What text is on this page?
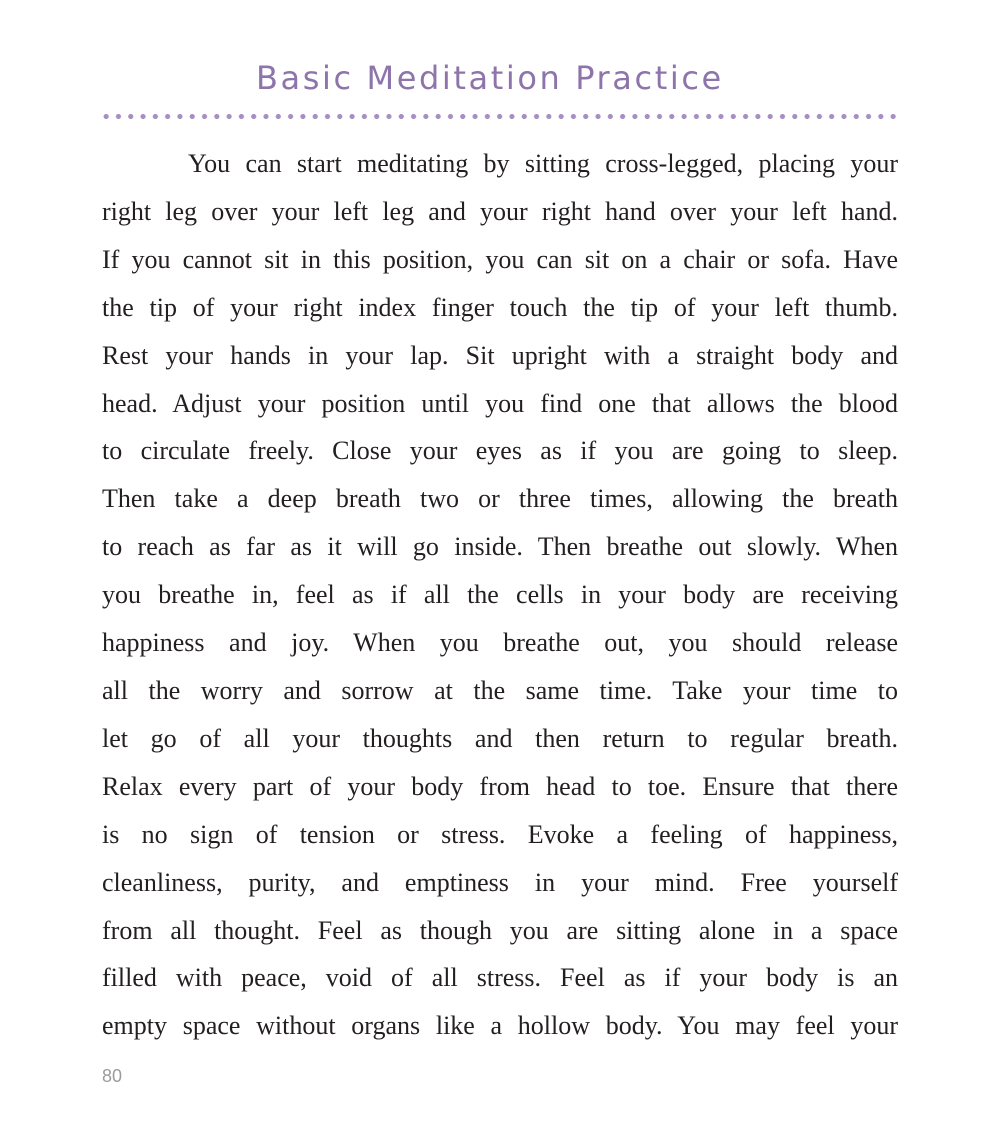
Basic Meditation Practice
You can start meditating by sitting cross-legged, placing your
right leg over your left leg and your right hand over your left hand.
If you cannot sit in this position, you can sit on a chair or sofa. Have
the tip of your right index finger touch the tip of your left thumb.
Rest your hands in your lap. Sit upright with a straight body and
head. Adjust your position until you find one that allows the blood
to circulate freely. Close your eyes as if you are going to sleep.
Then take a deep breath two or three times, allowing the breath
to reach as far as it will go inside. Then breathe out slowly. When
you breathe in, feel as if all the cells in your body are receiving
happiness and joy. When you breathe out, you should release
all the worry and sorrow at the same time. Take your time to
let go of all your thoughts and then return to regular breath.
Relax every part of your body from head to toe. Ensure that there
is no sign of tension or stress. Evoke a feeling of happiness,
cleanliness, purity, and emptiness in your mind. Free yourself
from all thought. Feel as though you are sitting alone in a space
filled with peace, void of all stress. Feel as if your body is an
empty space without organs like a hollow body. You may feel your
80
